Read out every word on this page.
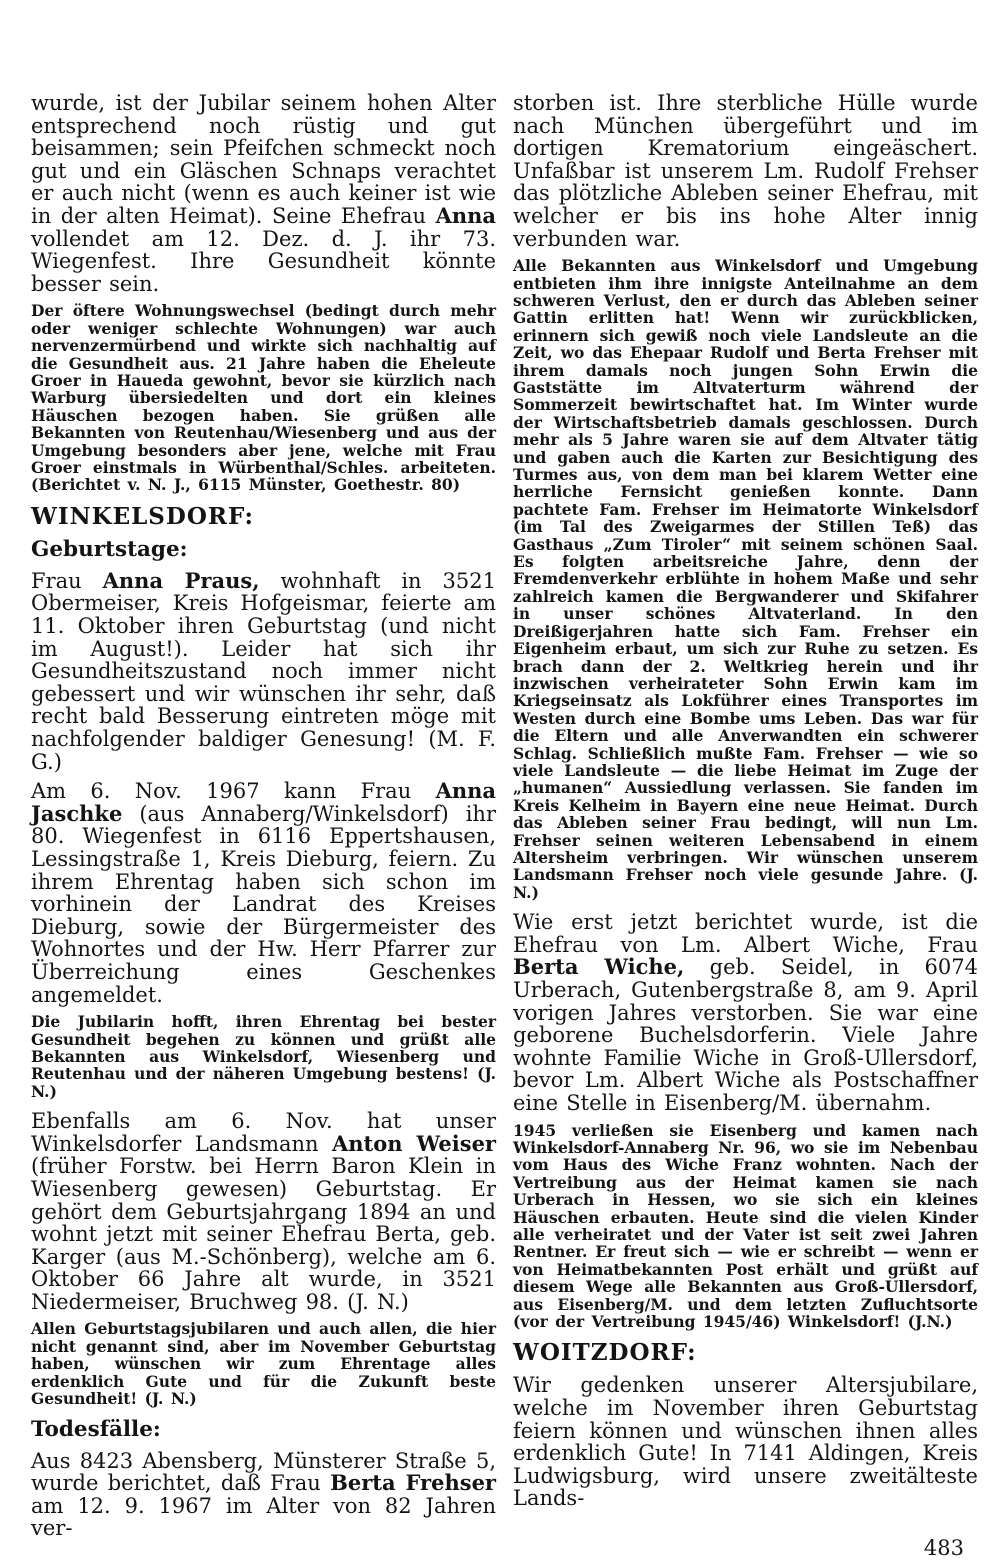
wurde, ist der Jubilar seinem hohen Alter entsprechend noch rüstig und gut beisammen; sein Pfeifchen schmeckt noch gut und ein Gläschen Schnaps verachtet er auch nicht (wenn es auch keiner ist wie in der alten Heimat). Seine Ehefrau Anna vollendet am 12. Dez. d. J. ihr 73. Wiegenfest. Ihre Gesundheit könnte besser sein.

Der öftere Wohnungswechsel (bedingt durch mehr oder weniger schlechte Wohnungen) war auch nervenzermürbend und wirkte sich nachhaltig auf die Gesundheit aus. 21 Jahre haben die Eheleute Groer in Haueda gewohnt, bevor sie kürzlich nach Warburg übersiedelten und dort ein kleines Häuschen bezogen haben. Sie grüßen alle Bekannten von Reutenhau/Wiesenberg und aus der Umgebung besonders aber jene, welche mit Frau Groer einstmals in Würbenthal/Schles. arbeiteten. (Berichtet v. N. J., 6115 Münster, Goethestr. 80)

WINKELSDORF:
Geburtstage:

Frau Anna Praus, wohnhaft in 3521 Obermeiser, Kreis Hofgeismar, feierte am 11. Oktober ihren Geburtstag (und nicht im August!). Leider hat sich ihr Gesundheitszustand noch immer nicht gebessert und wir wünschen ihr sehr, daß recht bald Besserung eintreten möge mit nachfolgender baldiger Genesung! (M. F. G.)

Am 6. Nov. 1967 kann Frau Anna Jaschke (aus Annaberg/Winkelsdorf) ihr 80. Wiegenfest in 6116 Eppertshausen, Lessingstraße 1, Kreis Dieburg, feiern. Zu ihrem Ehrentag haben sich schon im vorhinein der Landrat des Kreises Dieburg, sowie der Bürgermeister des Wohnortes und der Hw. Herr Pfarrer zur Überreichung eines Geschenkes angemeldet.

Die Jubilarin hofft, ihren Ehrentag bei bester Gesundheit begehen zu können und grüßt alle Bekannten aus Winkelsdorf, Wiesenberg und Reutenhau und der näheren Umgebung bestens! (J. N.)

Ebenfalls am 6. Nov. hat unser Winkelsdorfer Landsmann Anton Weiser (früher Forstw. bei Herrn Baron Klein in Wiesenberg gewesen) Geburtstag. Er gehört dem Geburtsjahrgang 1894 an und wohnt jetzt mit seiner Ehefrau Berta, geb. Karger (aus M.-Schönberg), welche am 6. Oktober 66 Jahre alt wurde, in 3521 Niedermeiser, Bruchweg 98. (J. N.)

Allen Geburtstagsjubilaren und auch allen, die hier nicht genannt sind, aber im November Geburtstag haben, wünschen wir zum Ehrentage alles erdenklich Gute und für die Zukunft beste Gesundheit! (J. N.)

Todesfälle:

Aus 8423 Abensberg, Münsterer Straße 5, wurde berichtet, daß Frau Berta Frehser am 12. 9. 1967 im Alter von 82 Jahren ver-

storben ist. Ihre sterbliche Hülle wurde nach München übergeführt und im dortigen Krematorium eingeäschert. Unfaßbar ist unserem Lm. Rudolf Frehser das plötzliche Ableben seiner Ehefrau, mit welcher er bis ins hohe Alter innig verbunden war.

Alle Bekannten aus Winkelsdorf und Umgebung entbieten ihm ihre innigste Anteilnahme an dem schweren Verlust, den er durch das Ableben seiner Gattin erlitten hat! Wenn wir zurückblicken, erinnern sich gewiß noch viele Landsleute an die Zeit, wo das Ehepaar Rudolf und Berta Frehser mit ihrem damals noch jungen Sohn Erwin die Gaststätte im Altvaterturm während der Sommerzeit bewirtschaftet hat. Im Winter wurde der Wirtschaftsbetrieb damals geschlossen. Durch mehr als 5 Jahre waren sie auf dem Altvater tätig und gaben auch die Karten zur Besichtigung des Turmes aus, von dem man bei klarem Wetter eine herrliche Fernsicht genießen konnte. Dann pachtete Fam. Frehser im Heimatorte Winkelsdorf (im Tal des Zweigarmes der Stillen Teß) das Gasthaus „Zum Tiroler“ mit seinem schönen Saal. Es folgten arbeitsreiche Jahre, denn der Fremdenverkehr erblühte in hohem Maße und sehr zahlreich kamen die Bergwanderer und Skifahrer in unser schönes Altvaterland. In den Dreißigerjahren hatte sich Fam. Frehser ein Eigenheim erbaut, um sich zur Ruhe zu setzen. Es brach dann der 2. Weltkrieg herein und ihr inzwischen verheirateter Sohn Erwin kam im Kriegseinsatz als Lokführer eines Transportes im Westen durch eine Bombe ums Leben. Das war für die Eltern und alle Anverwandten ein schwerer Schlag. Schließlich mußte Fam. Frehser — wie so viele Landsleute — die liebe Heimat im Zuge der „humanen“ Aussiedlung verlassen. Sie fanden im Kreis Kelheim in Bayern eine neue Heimat. Durch das Ableben seiner Frau bedingt, will nun Lm. Frehser seinen weiteren Lebensabend in einem Altersheim verbringen. Wir wünschen unserem Landsmann Frehser noch viele gesunde Jahre. (J. N.)

Wie erst jetzt berichtet wurde, ist die Ehefrau von Lm. Albert Wiche, Frau Berta Wiche, geb. Seidel, in 6074 Urberach, Gutenbergstraße 8, am 9. April vorigen Jahres verstorben. Sie war eine geborene Buchelsdorferin. Viele Jahre wohnte Familie Wiche in Groß-Ullersdorf, bevor Lm. Albert Wiche als Postschaffner eine Stelle in Eisenberg/M. übernahm.

1945 verließen sie Eisenberg und kamen nach Winkelsdorf-Annaberg Nr. 96, wo sie im Nebenbau vom Haus des Wiche Franz wohnten. Nach der Vertreibung aus der Heimat kamen sie nach Urberach in Hessen, wo sie sich ein kleines Häuschen erbauten. Heute sind die vielen Kinder alle verheiratet und der Vater ist seit zwei Jahren Rentner. Er freut sich — wie er schreibt — wenn er von Heimatbekannten Post erhält und grüßt auf diesem Wege alle Bekannten aus Groß-Ullersdorf, aus Eisenberg/M. und dem letzten Zufluchtsorte (vor der Vertreibung 1945/46) Winkelsdorf! (J.N.)

WOITZDORF:

Wir gedenken unserer Altersjubilare, welche im November ihren Geburtstag feiern können und wünschen ihnen alles erdenklich Gute! In 7141 Aldingen, Kreis Ludwigsburg, wird unsere zweitälteste Lands-

483
